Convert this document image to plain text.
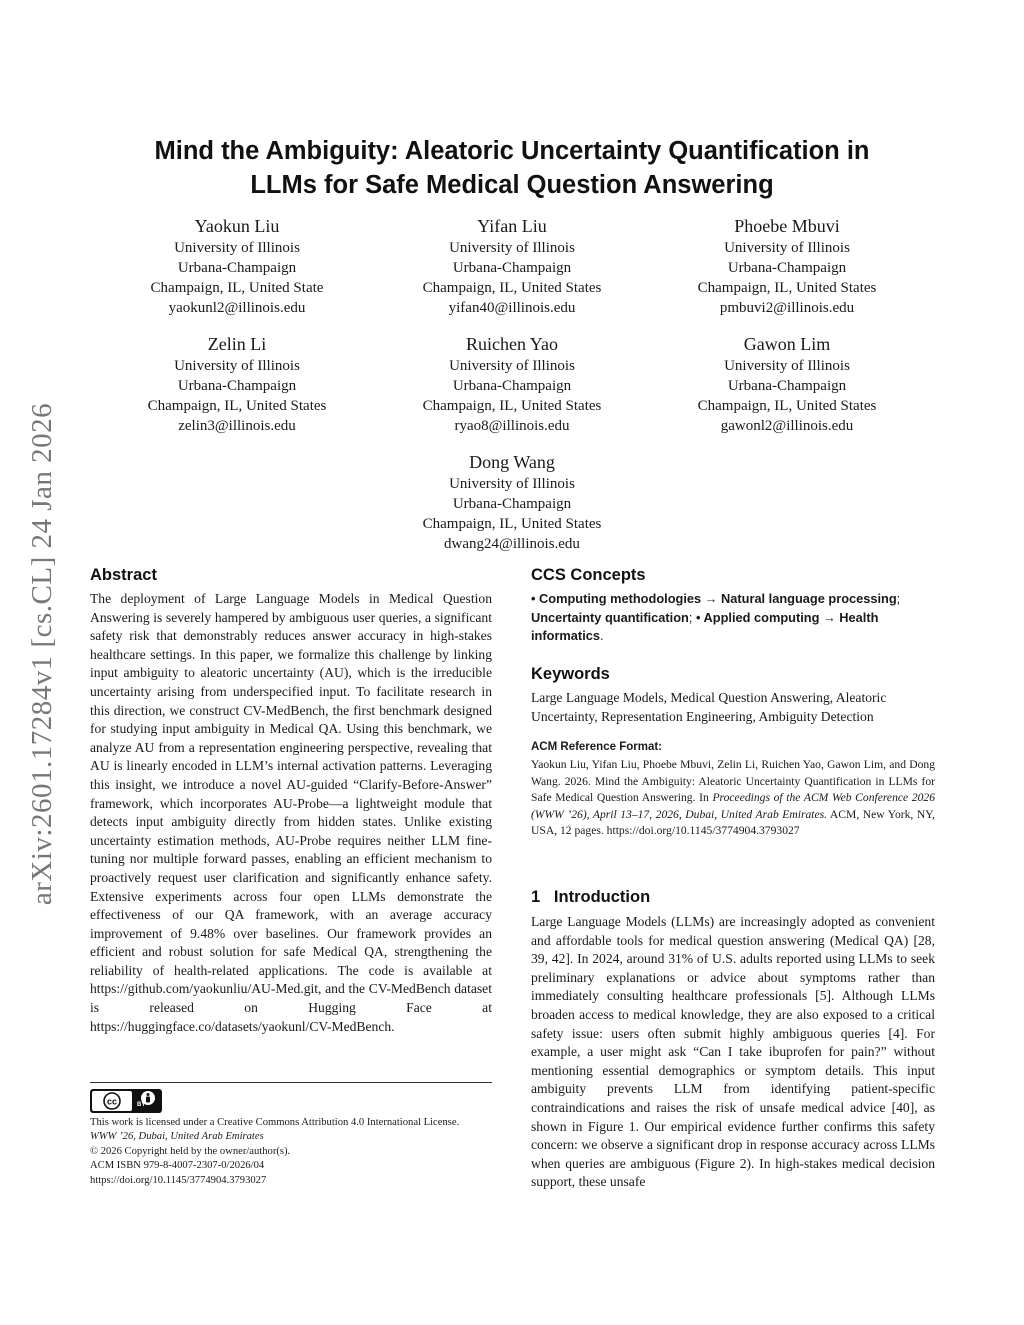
arXiv:2601.17284v1 [cs.CL] 24 Jan 2026
Mind the Ambiguity: Aleatoric Uncertainty Quantification in
LLMs for Safe Medical Question Answering
Yaokun Liu
University of Illinois
Urbana-Champaign
Champaign, IL, United State
yaokunl2@illinois.edu
Yifan Liu
University of Illinois
Urbana-Champaign
Champaign, IL, United States
yifan40@illinois.edu
Phoebe Mbuvi
University of Illinois
Urbana-Champaign
Champaign, IL, United States
pmbuvi2@illinois.edu
Zelin Li
University of Illinois
Urbana-Champaign
Champaign, IL, United States
zelin3@illinois.edu
Ruichen Yao
University of Illinois
Urbana-Champaign
Champaign, IL, United States
ryao8@illinois.edu
Gawon Lim
University of Illinois
Urbana-Champaign
Champaign, IL, United States
gawonl2@illinois.edu
Dong Wang
University of Illinois
Urbana-Champaign
Champaign, IL, United States
dwang24@illinois.edu
Abstract
The deployment of Large Language Models in Medical Question Answering is severely hampered by ambiguous user queries, a significant safety risk that demonstrably reduces answer accuracy in high-stakes healthcare settings. In this paper, we formalize this challenge by linking input ambiguity to aleatoric uncertainty (AU), which is the irreducible uncertainty arising from underspecified input. To facilitate research in this direction, we construct CV-MedBench, the first benchmark designed for studying input ambiguity in Medical QA. Using this benchmark, we analyze AU from a representation engineering perspective, revealing that AU is linearly encoded in LLM’s internal activation patterns. Leveraging this insight, we introduce a novel AU-guided “Clarify-Before-Answer” framework, which incorporates AU-Probe—a lightweight module that detects input ambiguity directly from hidden states. Unlike existing uncertainty estimation methods, AU-Probe requires neither LLM fine-tuning nor multiple forward passes, enabling an efficient mechanism to proactively request user clarification and significantly enhance safety. Extensive experiments across four open LLMs demonstrate the effectiveness of our QA framework, with an average accuracy improvement of 9.48% over baselines. Our framework provides an efficient and robust solution for safe Medical QA, strengthening the reliability of health-related applications. The code is available at https://github.com/yaokunliu/AU-Med.git, and the CV-MedBench dataset is released on Hugging Face at https://huggingface.co/datasets/yaokunl/CV-MedBench.
CCS Concepts
• Computing methodologies → Natural language processing; Uncertainty quantification; • Applied computing → Health informatics.
Keywords
Large Language Models, Medical Question Answering, Aleatoric Uncertainty, Representation Engineering, Ambiguity Detection
ACM Reference Format:
Yaokun Liu, Yifan Liu, Phoebe Mbuvi, Zelin Li, Ruichen Yao, Gawon Lim, and Dong Wang. 2026. Mind the Ambiguity: Aleatoric Uncertainty Quantification in LLMs for Safe Medical Question Answering. In Proceedings of the ACM Web Conference 2026 (WWW ’26), April 13–17, 2026, Dubai, United Arab Emirates. ACM, New York, NY, USA, 12 pages. https://doi.org/10.1145/3774904.3793027
1   Introduction
Large Language Models (LLMs) are increasingly adopted as convenient and affordable tools for medical question answering (Medical QA) [28, 39, 42]. In 2024, around 31% of U.S. adults reported using LLMs to seek preliminary explanations or advice about symptoms rather than immediately consulting healthcare professionals [5]. Although LLMs broaden access to medical knowledge, they are also exposed to a critical safety issue: users often submit highly ambiguous queries [4]. For example, a user might ask “Can I take ibuprofen for pain?” without mentioning essential demographics or symptom details. This input ambiguity prevents LLM from identifying patient-specific contraindications and raises the risk of unsafe medical advice [40], as shown in Figure 1. Our empirical evidence further confirms this safety concern: we observe a significant drop in response accuracy across LLMs when queries are ambiguous (Figure 2). In high-stakes medical decision support, these unsafe
cc	BY
This work is licensed under a Creative Commons Attribution 4.0 International License.
WWW ’26, Dubai, United Arab Emirates
© 2026 Copyright held by the owner/author(s).
ACM ISBN 979-8-4007-2307-0/2026/04
https://doi.org/10.1145/3774904.3793027
